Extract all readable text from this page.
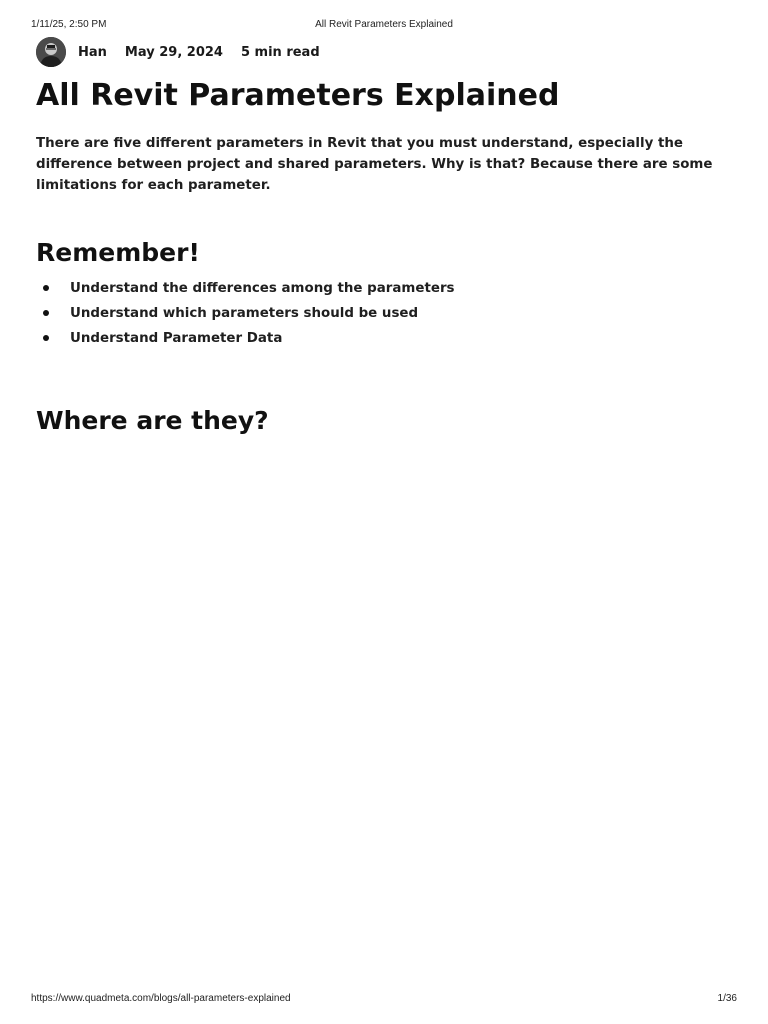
1/11/25, 2:50 PM	All Revit Parameters Explained
Han May 29, 2024 5 min read
All Revit Parameters Explained

There are five different parameters in Revit that you must understand, especially the difference between project and shared parameters. Why is that? Because there are some limitations for each parameter.

Remember!
Understand the differences among the parameters
Understand which parameters should be used
Understand Parameter Data
Where are they?
https://www.quadmeta.com/blogs/all-parameters-explained	1/36
